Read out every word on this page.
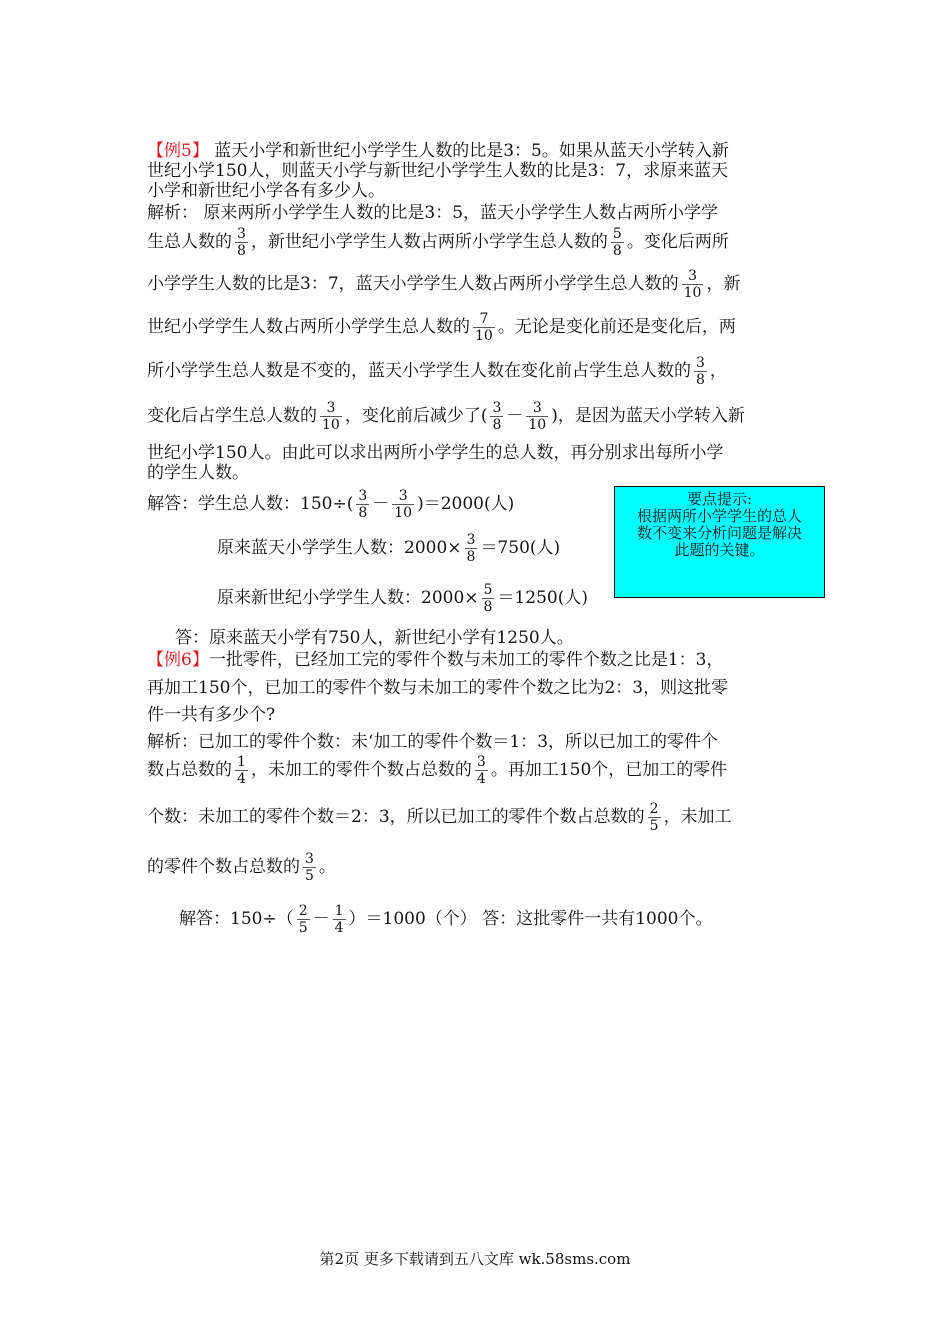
【例5】 蓝天小学和新世纪小学学生人数的比是3：5。如果从蓝天小学转入新
世纪小学150人，则蓝天小学与新世纪小学学生人数的比是3：7，求原来蓝天
小学和新世纪小学各有多少人。
解析： 原来两所小学学生人数的比是3：5，蓝天小学学生人数占两所小学学
生总人数的 $\frac{3}{8}$ ，新世纪小学学生人数占两所小学学生总人数的 $\frac{5}{8}$ 。变化后两所
小学学生人数的比是3：7，蓝天小学学生人数占两所小学学生总人数的 $\frac{3}{10}$ ，新
世纪小学学生人数占两所小学学生总人数的 $\frac{7}{10}$ 。无论是变化前还是变化后，两
所小学学生总人数是不变的，蓝天小学学生人数在变化前占学生总人数的 $\frac{3}{8}$ ，
变化后占学生总人数的 $\frac{3}{10}$ ，变化前后减少了( $\frac{3}{8} - \frac{3}{10}$ )，是因为蓝天小学转入新
世纪小学150人。由此可以求出两所小学学生的总人数，再分别求出每所小学
的学生人数。
解答：学生总人数：$150\div( \frac{3}{8} - \frac{3}{10} )=2000$(人)
原来蓝天小学学生人数：$2000\times \frac{3}{8} =750$(人)
原来新世纪小学学生人数：$2000\times \frac{5}{8} =1250$(人)
答：原来蓝天小学有750人，新世纪小学有1250人。
要点提示:
根据两所小学学生的总人
数不变来分析问题是解决
此题的关键。
【例6】一批零件，已经加工完的零件个数与未加工的零件个数之比是1：3，
再加工150个，已加工的零件个数与未加工的零件个数之比为2：3，则这批零
件一共有多少个?
解析：已加工的零件个数：未‘加工的零件个数＝1：3，所以已加工的零件个
数占总数的 $\frac{1}{4}$ ，未加工的零件个数占总数的 $\frac{3}{4}$ 。再加工150个，已加工的零件
个数：未加工的零件个数＝2：3，所以已加工的零件个数占总数的 $\frac{2}{5}$ ，未加工
的零件个数占总数的 $\frac{3}{5}$ 。
解答：$150\div( \frac{2}{5} - \frac{1}{4} )=1000$（个） 答：这批零件一共有1000个。
第2页 更多下载请到五八文库 wk.58sms.com
